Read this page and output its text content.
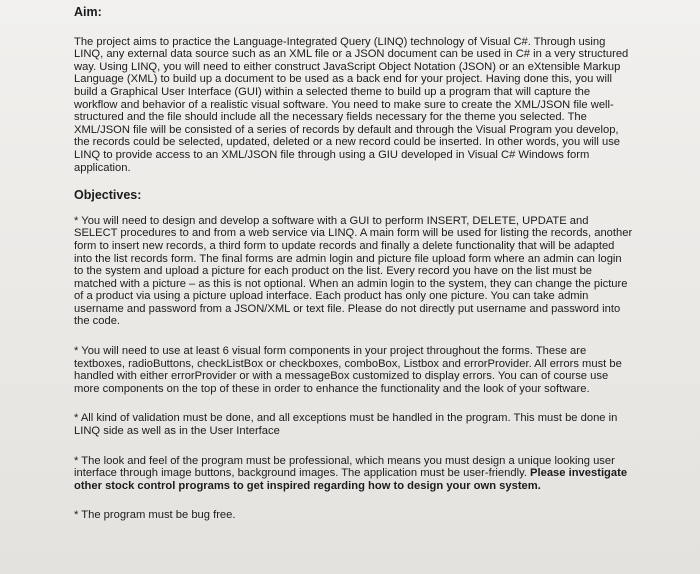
Aim:

The project aims to practice the Language-Integrated Query (LINQ) technology of Visual C#. Through using LINQ, any external data source such as an XML file or a JSON document can be used in C# in a very structured way. Using LINQ, you will need to either construct JavaScript Object Notation (JSON) or an eXtensible Markup Language (XML) to build up a document to be used as a back end for your project. Having done this, you will build a Graphical User Interface (GUI) within a selected theme to build up a program that will capture the workflow and behavior of a realistic visual software. You need to make sure to create the XML/JSON file well-structured and the file should include all the necessary fields necessary for the theme you selected. The XML/JSON file will be consisted of a series of records by default and through the Visual Program you develop, the records could be selected, updated, deleted or a new record could be inserted. In other words, you will use LINQ to provide access to an XML/JSON file through using a GIU developed in Visual C# Windows form application.

Objectives:

* You will need to design and develop a software with a GUI to perform INSERT, DELETE, UPDATE and SELECT procedures to and from a web service via LINQ. A main form will be used for listing the records, another form to insert new records, a third form to update records and finally a delete functionality that will be adapted into the list records form. The final forms are admin login and picture file upload form where an admin can login to the system and upload a picture for each product on the list. Every record you have on the list must be matched with a picture – as this is not optional. When an admin login to the system, they can change the picture of a product via using a picture upload interface. Each product has only one picture. You can take admin username and password from a JSON/XML or text file. Please do not directly put username and password into the code.

* You will need to use at least 6 visual form components in your project throughout the forms. These are textboxes, radioButtons, checkListBox or checkboxes, comboBox, Listbox and errorProvider. All errors must be handled with either errorProvider or with a messageBox customized to display errors. You can of course use more components on the top of these in order to enhance the functionality and the look of your software.

* All kind of validation must be done, and all exceptions must be handled in the program. This must be done in LINQ side as well as in the User Interface

* The look and feel of the program must be professional, which means you must design a unique looking user interface through image buttons, background images. The application must be user-friendly. Please investigate other stock control programs to get inspired regarding how to design your own system.

* The program must be bug free.
